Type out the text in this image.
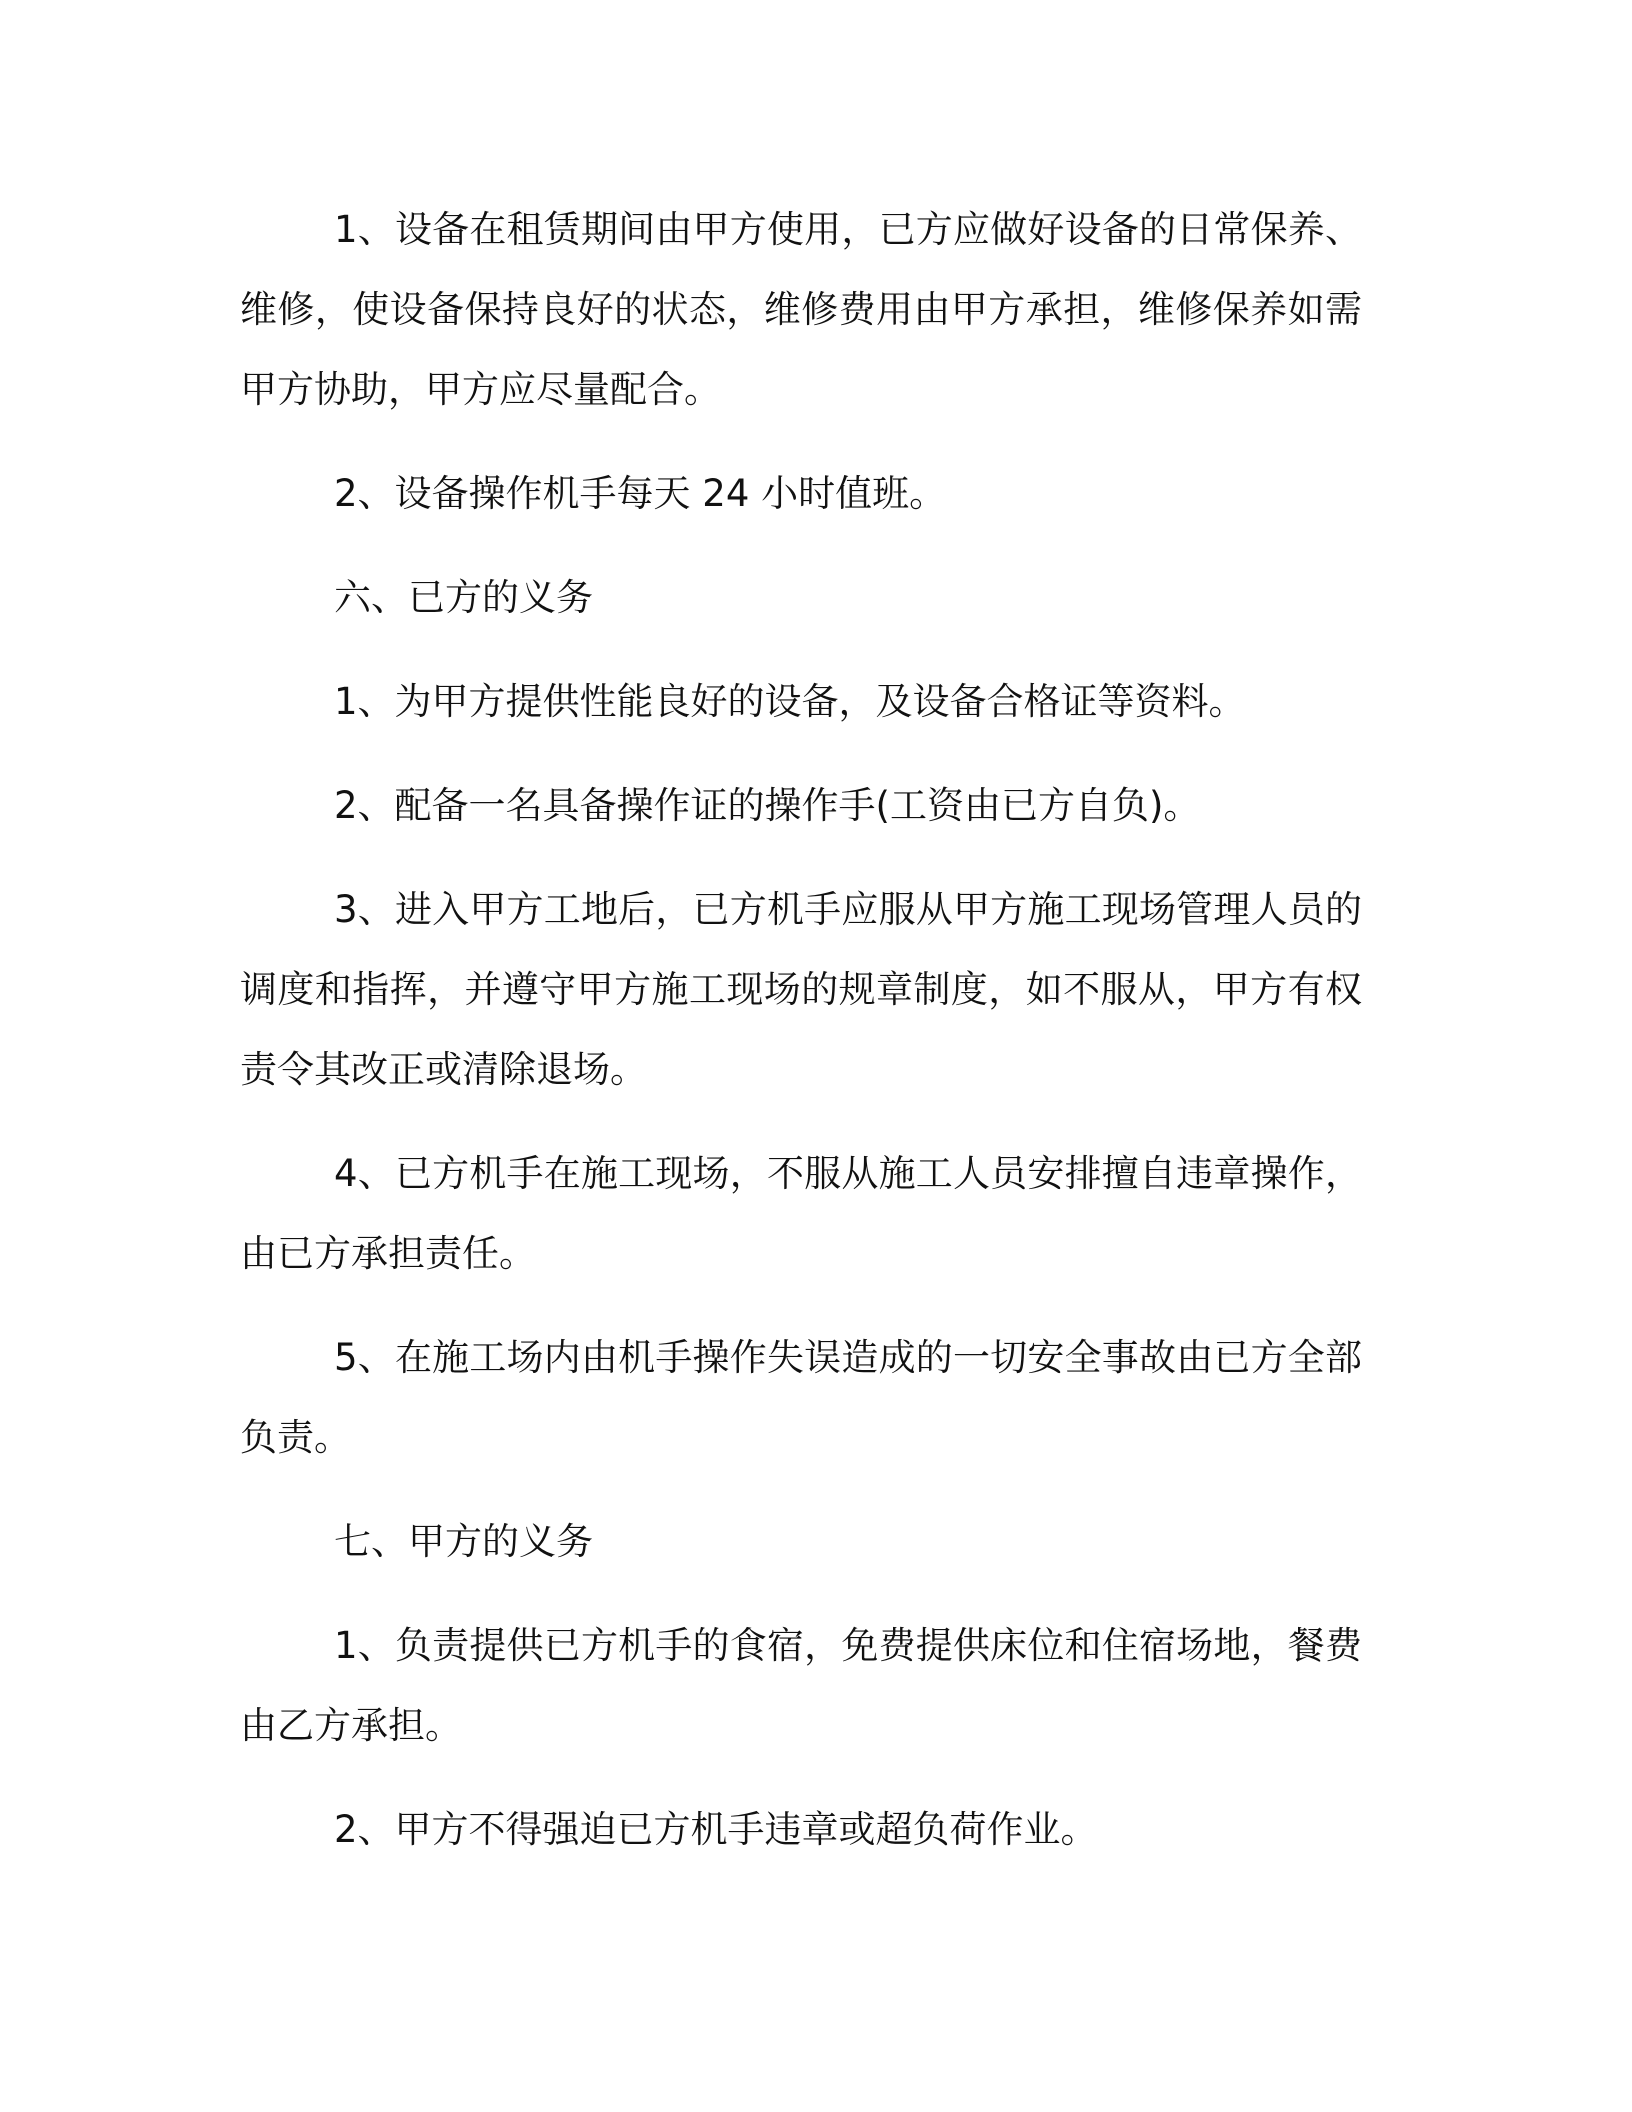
1、设备在租赁期间由甲方使用，已方应做好设备的日常保养、维修，使设备保持良好的状态，维修费用由甲方承担，维修保养如需甲方协助，甲方应尽量配合。

2、设备操作机手每天 24 小时值班。

六、已方的义务

1、为甲方提供性能良好的设备，及设备合格证等资料。

2、配备一名具备操作证的操作手(工资由已方自负)。

3、进入甲方工地后，已方机手应服从甲方施工现场管理人员的调度和指挥，并遵守甲方施工现场的规章制度，如不服从，甲方有权责令其改正或清除退场。

4、已方机手在施工现场，不服从施工人员安排擅自违章操作，由已方承担责任。

5、在施工场内由机手操作失误造成的一切安全事故由已方全部负责。

七、甲方的义务

1、负责提供已方机手的食宿，免费提供床位和住宿场地，餐费由乙方承担。

2、甲方不得强迫已方机手违章或超负荷作业。
